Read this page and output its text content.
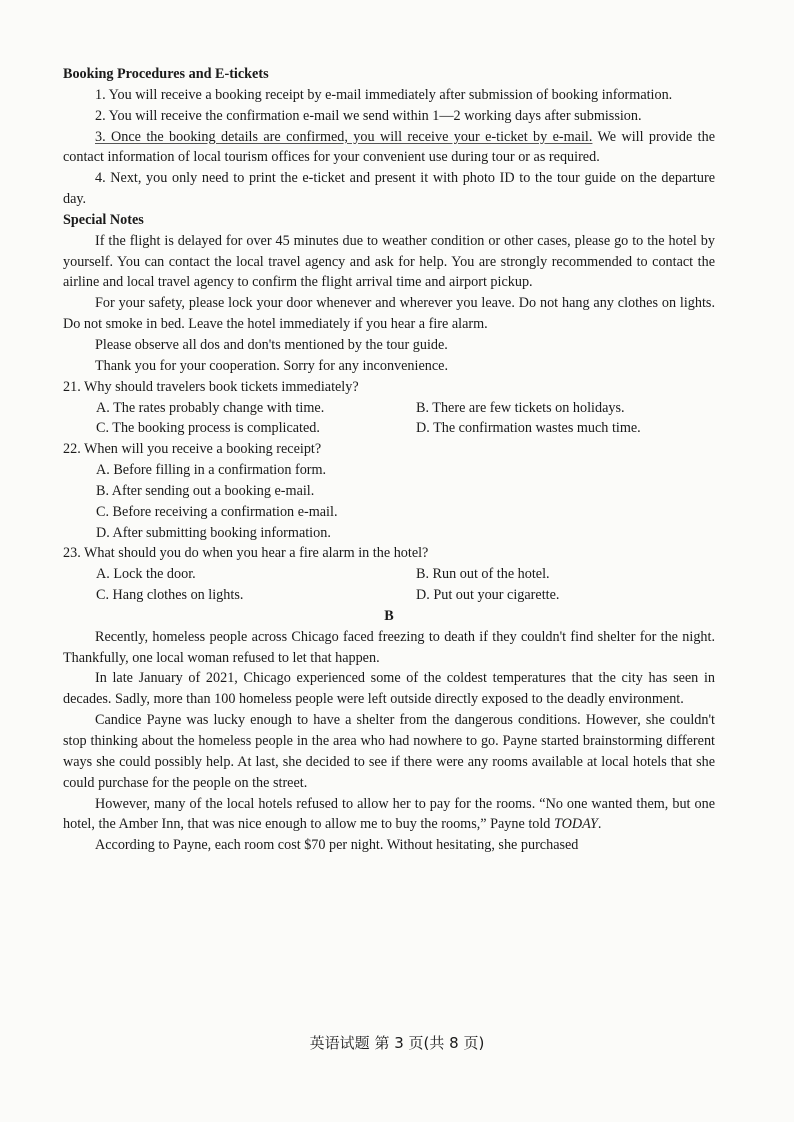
Booking Procedures and E-tickets
1. You will receive a booking receipt by e-mail immediately after submission of booking information.
2. You will receive the confirmation e-mail we send within 1—2 working days after submission.
3. Once the booking details are confirmed, you will receive your e-ticket by e-mail. We will provide the contact information of local tourism offices for your convenient use during tour or as required.
4. Next, you only need to print the e-ticket and present it with photo ID to the tour guide on the departure day.
Special Notes
If the flight is delayed for over 45 minutes due to weather condition or other cases, please go to the hotel by yourself. You can contact the local travel agency and ask for help. You are strongly recommended to contact the airline and local travel agency to confirm the flight arrival time and airport pickup.
For your safety, please lock your door whenever and wherever you leave. Do not hang any clothes on lights. Do not smoke in bed. Leave the hotel immediately if you hear a fire alarm.
Please observe all dos and don'ts mentioned by the tour guide.
Thank you for your cooperation. Sorry for any inconvenience.
21. Why should travelers book tickets immediately?
A. The rates probably change with time.	B. There are few tickets on holidays.
C. The booking process is complicated.	D. The confirmation wastes much time.
22. When will you receive a booking receipt?
A. Before filling in a confirmation form.
B. After sending out a booking e-mail.
C. Before receiving a confirmation e-mail.
D. After submitting booking information.
23. What should you do when you hear a fire alarm in the hotel?
A. Lock the door.	B. Run out of the hotel.
C. Hang clothes on lights.	D. Put out your cigarette.
B
Recently, homeless people across Chicago faced freezing to death if they couldn't find shelter for the night. Thankfully, one local woman refused to let that happen.
In late January of 2021, Chicago experienced some of the coldest temperatures that the city has seen in decades. Sadly, more than 100 homeless people were left outside directly exposed to the deadly environment.
Candice Payne was lucky enough to have a shelter from the dangerous conditions. However, she couldn't stop thinking about the homeless people in the area who had nowhere to go. Payne started brainstorming different ways she could possibly help. At last, she decided to see if there were any rooms available at local hotels that she could purchase for the people on the street.
However, many of the local hotels refused to allow her to pay for the rooms. “No one wanted them, but one hotel, the Amber Inn, that was nice enough to allow me to buy the rooms,” Payne told TODAY.
According to Payne, each room cost $70 per night. Without hesitating, she purchased
英语试题 第 3 页(共 8 页)
